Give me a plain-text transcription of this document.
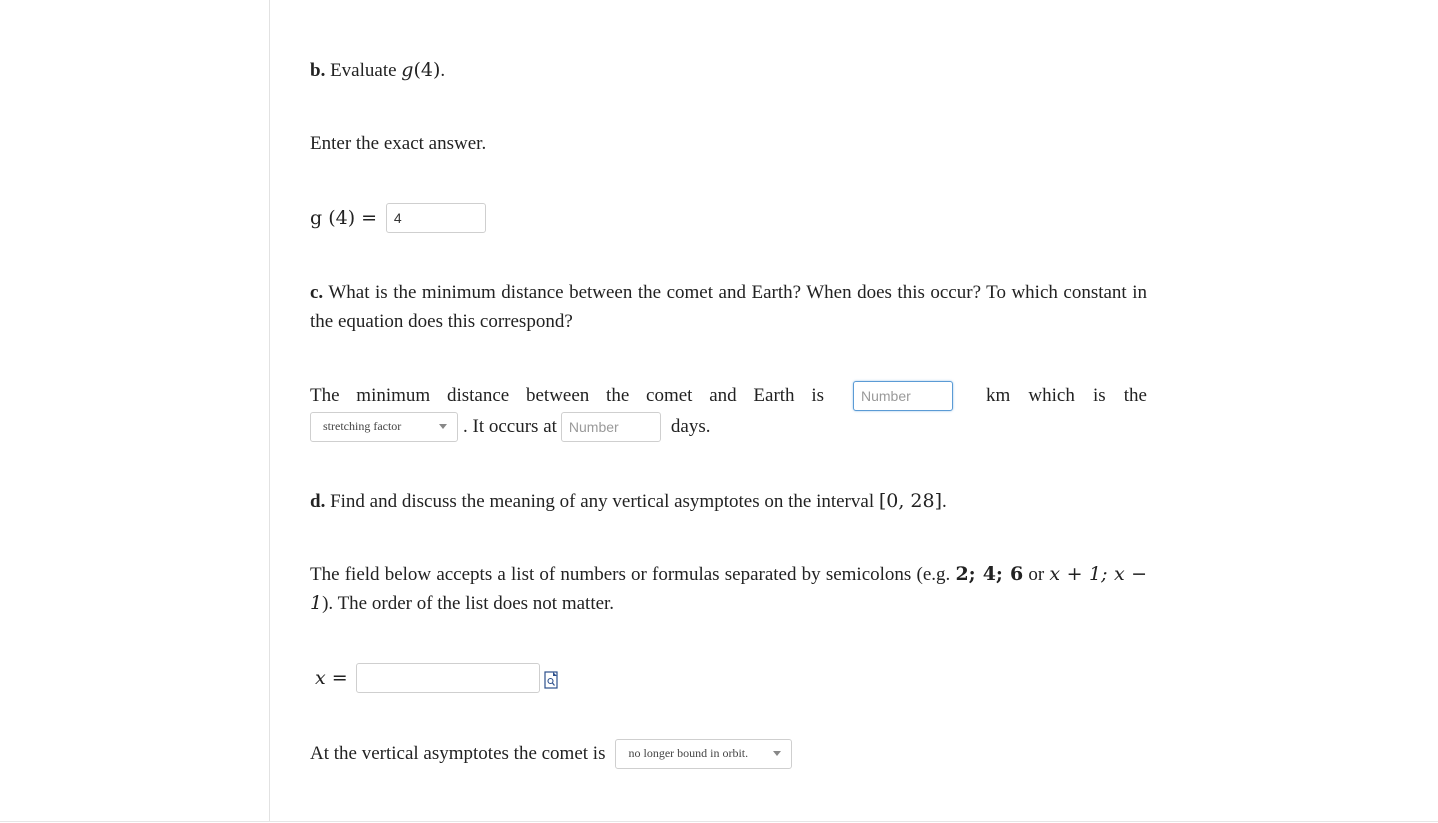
b. Evaluate g(4).
Enter the exact answer.
g (4) = 4
c. What is the minimum distance between the comet and Earth? When does this occur? To which constant in the equation does this correspond?
The minimum distance between the comet and Earth is
Number	km which is the
stretching factor	. It occurs at
Number	days.
d. Find and discuss the meaning of any vertical asymptotes on the interval [0, 28].
The field below accepts a list of numbers or formulas separated by semicolons (e.g. 2; 4; 6 or x + 1; x − 1). The order of the list does not matter.
x =
At the vertical asymptotes the comet is no longer bound in orbit.
